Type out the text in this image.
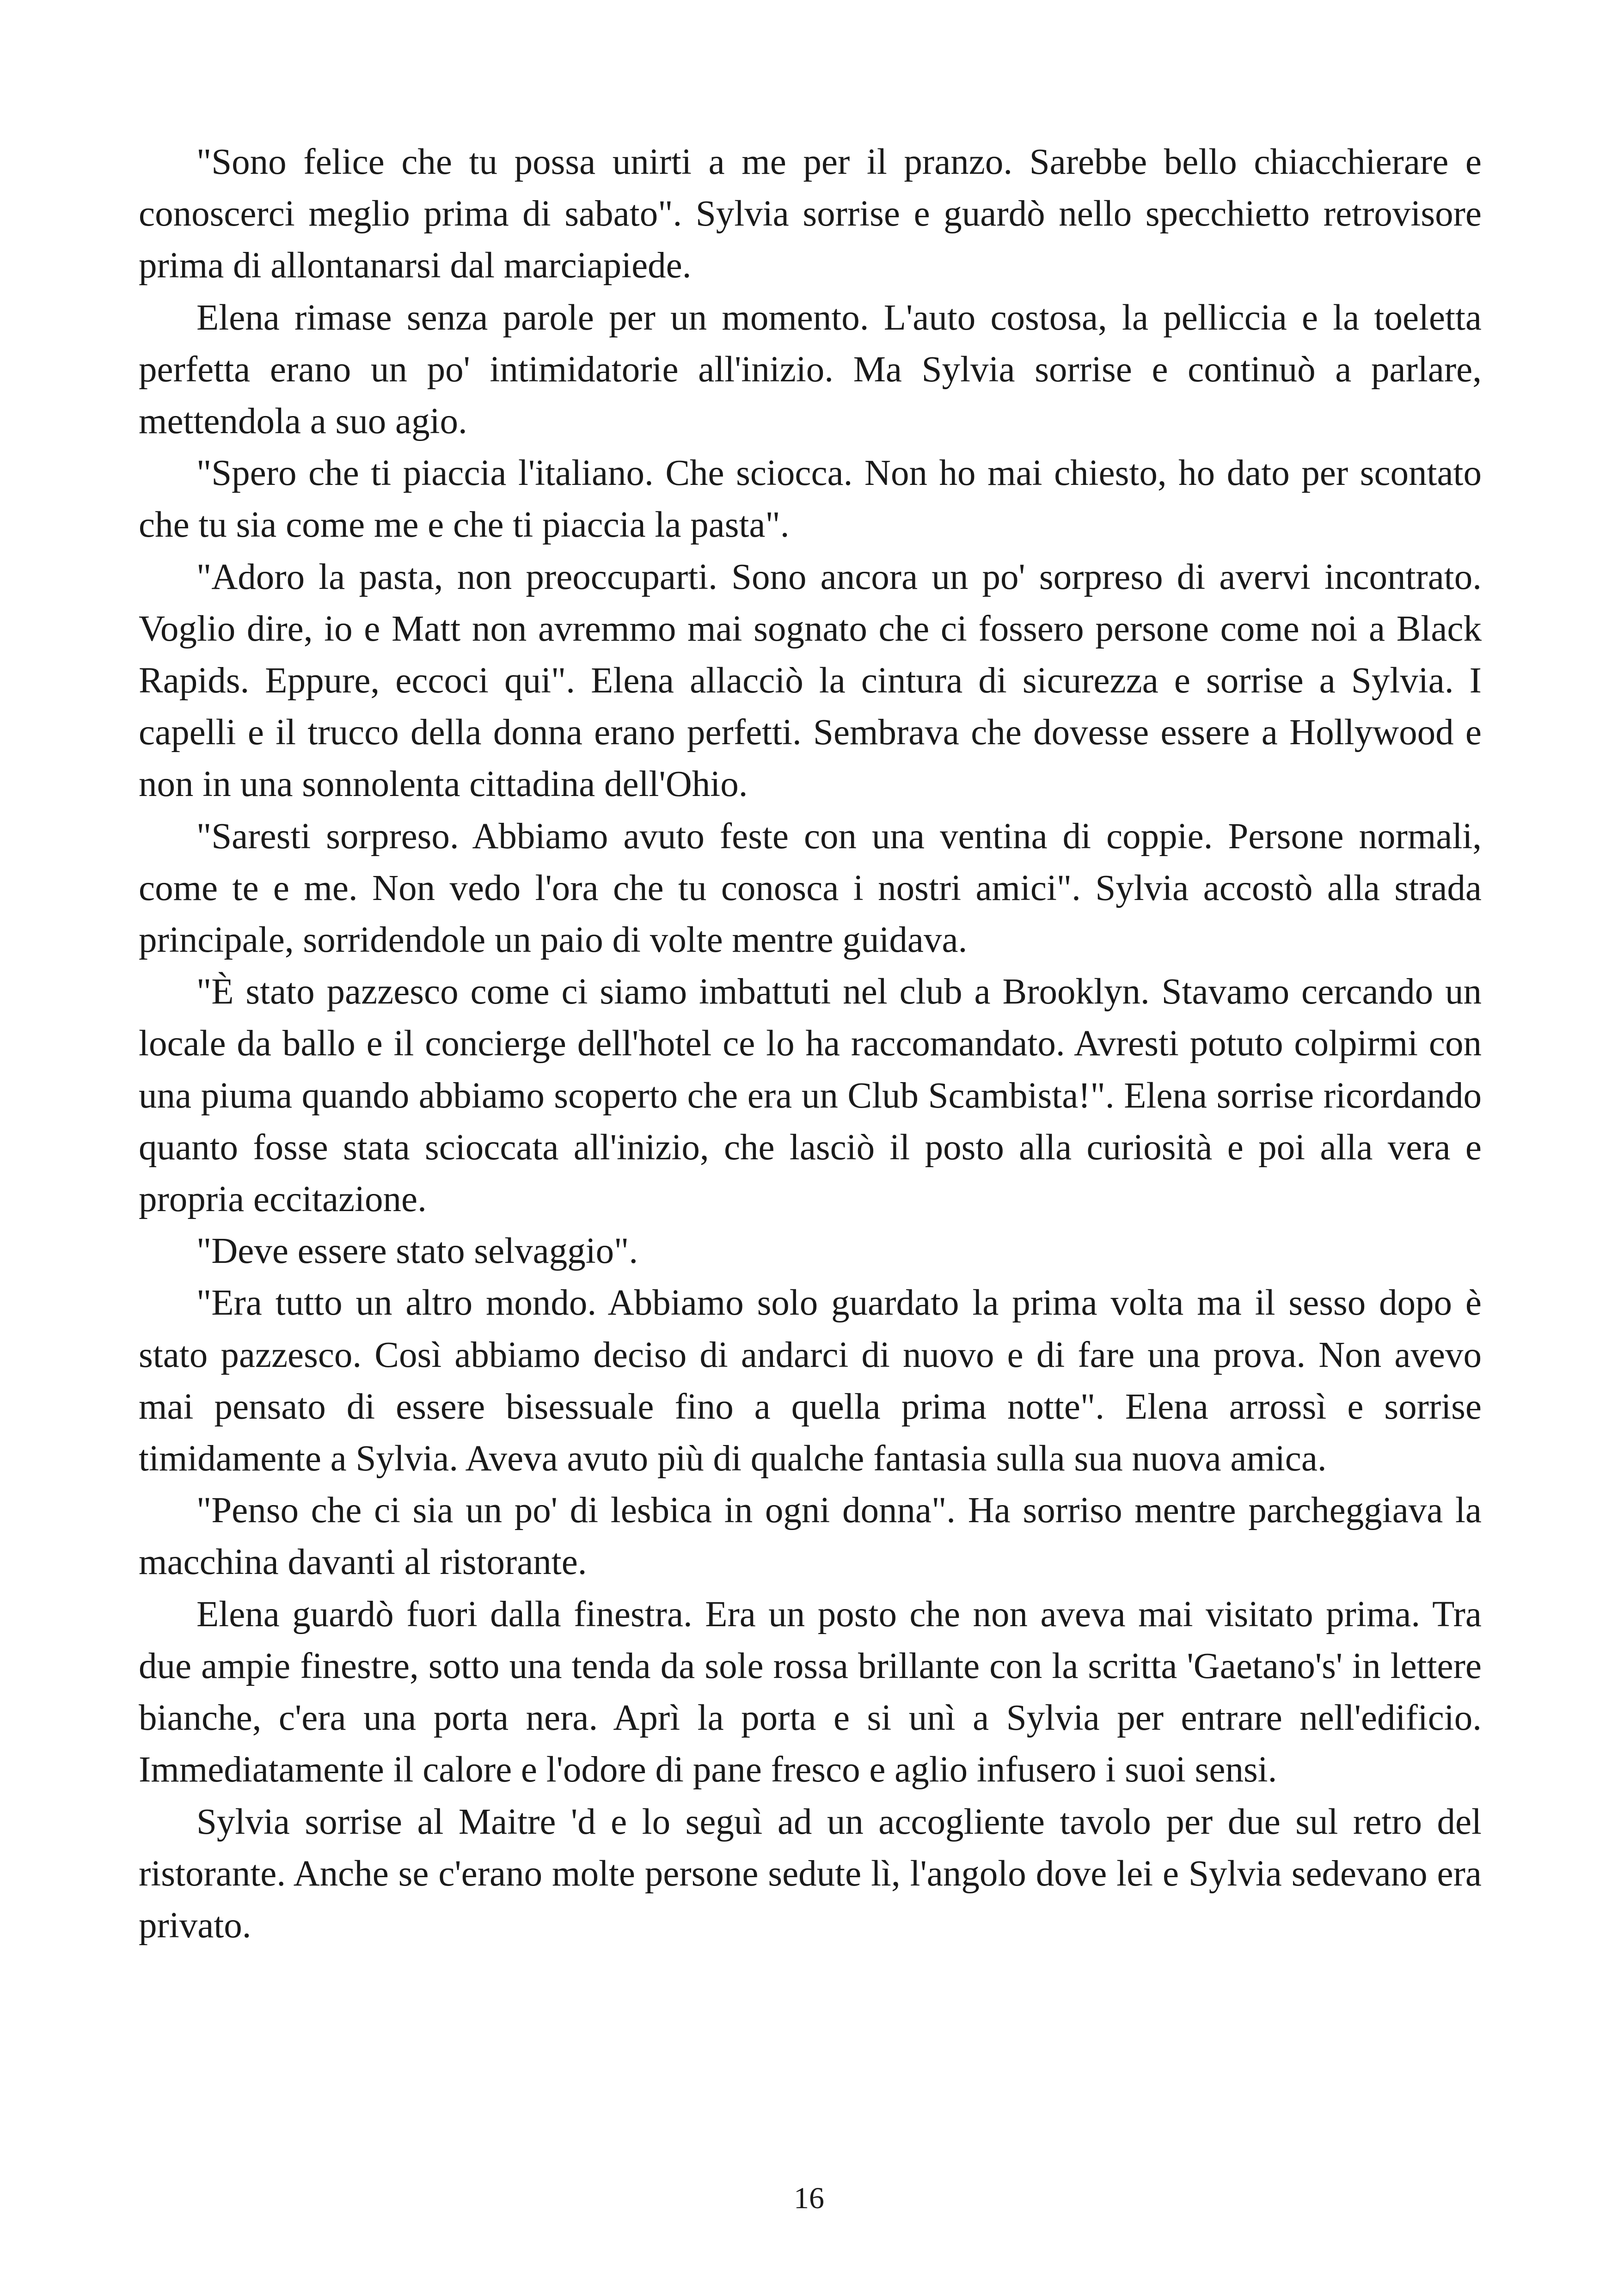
"Sono felice che tu possa unirti a me per il pranzo. Sarebbe bello chiacchierare e conoscerci meglio prima di sabato". Sylvia sorrise e guardò nello specchietto retrovisore prima di allontanarsi dal marciapiede.

Elena rimase senza parole per un momento. L'auto costosa, la pelliccia e la toeletta perfetta erano un po' intimidatorie all'inizio. Ma Sylvia sorrise e continuò a parlare, mettendola a suo agio.

"Spero che ti piaccia l'italiano. Che sciocca. Non ho mai chiesto, ho dato per scontato che tu sia come me e che ti piaccia la pasta".

"Adoro la pasta, non preoccuparti. Sono ancora un po' sorpreso di avervi incontrato. Voglio dire, io e Matt non avremmo mai sognato che ci fossero persone come noi a Black Rapids. Eppure, eccoci qui". Elena allacciò la cintura di sicurezza e sorrise a Sylvia. I capelli e il trucco della donna erano perfetti. Sembrava che dovesse essere a Hollywood e non in una sonnolenta cittadina dell'Ohio.

"Saresti sorpreso. Abbiamo avuto feste con una ventina di coppie. Persone normali, come te e me. Non vedo l'ora che tu conosca i nostri amici". Sylvia accostò alla strada principale, sorridendole un paio di volte mentre guidava.

"È stato pazzesco come ci siamo imbattuti nel club a Brooklyn. Stavamo cercando un locale da ballo e il concierge dell'hotel ce lo ha raccomandato. Avresti potuto colpirmi con una piuma quando abbiamo scoperto che era un Club Scambista!". Elena sorrise ricordando quanto fosse stata scioccata all'inizio, che lasciò il posto alla curiosità e poi alla vera e propria eccitazione.

"Deve essere stato selvaggio".

"Era tutto un altro mondo. Abbiamo solo guardato la prima volta ma il sesso dopo è stato pazzesco. Così abbiamo deciso di andarci di nuovo e di fare una prova. Non avevo mai pensato di essere bisessuale fino a quella prima notte". Elena arrossì e sorrise timidamente a Sylvia. Aveva avuto più di qualche fantasia sulla sua nuova amica.

"Penso che ci sia un po' di lesbica in ogni donna". Ha sorriso mentre parcheggiava la macchina davanti al ristorante.

Elena guardò fuori dalla finestra. Era un posto che non aveva mai visitato prima. Tra due ampie finestre, sotto una tenda da sole rossa brillante con la scritta 'Gaetano's' in lettere bianche, c'era una porta nera. Aprì la porta e si unì a Sylvia per entrare nell'edificio. Immediatamente il calore e l'odore di pane fresco e aglio infusero i suoi sensi.

Sylvia sorrise al Maitre 'd e lo seguì ad un accogliente tavolo per due sul retro del ristorante. Anche se c'erano molte persone sedute lì, l'angolo dove lei e Sylvia sedevano era privato.

16
